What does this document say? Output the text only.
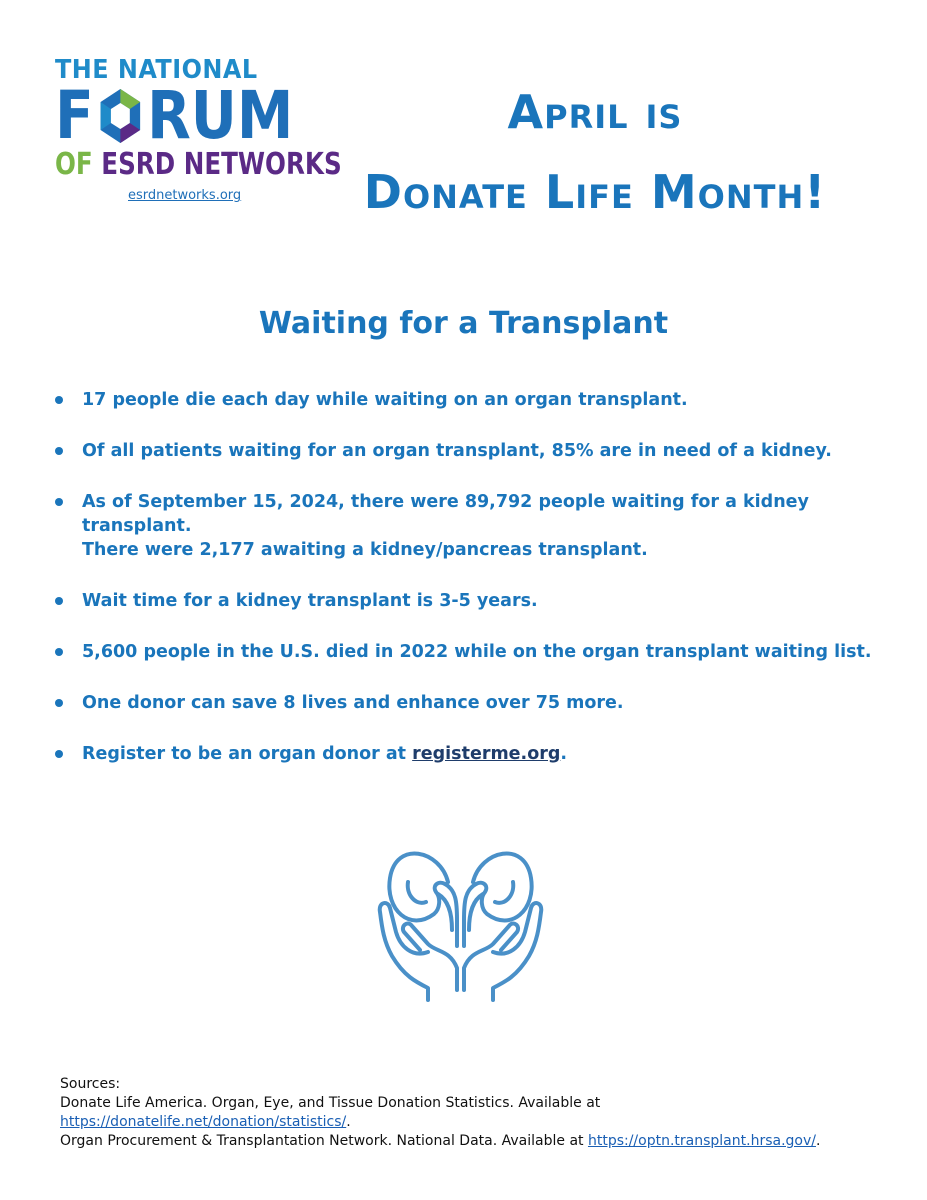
THE NATIONAL
F RUM
OF ESRD NETWORKS
esrdnetworks.org
April is
Donate Life Month!
Waiting for a Transplant
17 people die each day while waiting on an organ transplant.
Of all patients waiting for an organ transplant, 85% are in need of a kidney.
As of September 15, 2024, there were 89,792 people waiting for a kidney transplant.
There were 2,177 awaiting a kidney/pancreas transplant.
Wait time for a kidney transplant is 3-5 years.
5,600 people in the U.S. died in 2022 while on the organ transplant waiting list.
One donor can save 8 lives and enhance over 75 more.
Register to be an organ donor at registerme.org.
Sources:
Donate Life America. Organ, Eye, and Tissue Donation Statistics. Available at https://donatelife.net/donation/statistics/.
Organ Procurement & Transplantation Network. National Data. Available at https://optn.transplant.hrsa.gov/.
